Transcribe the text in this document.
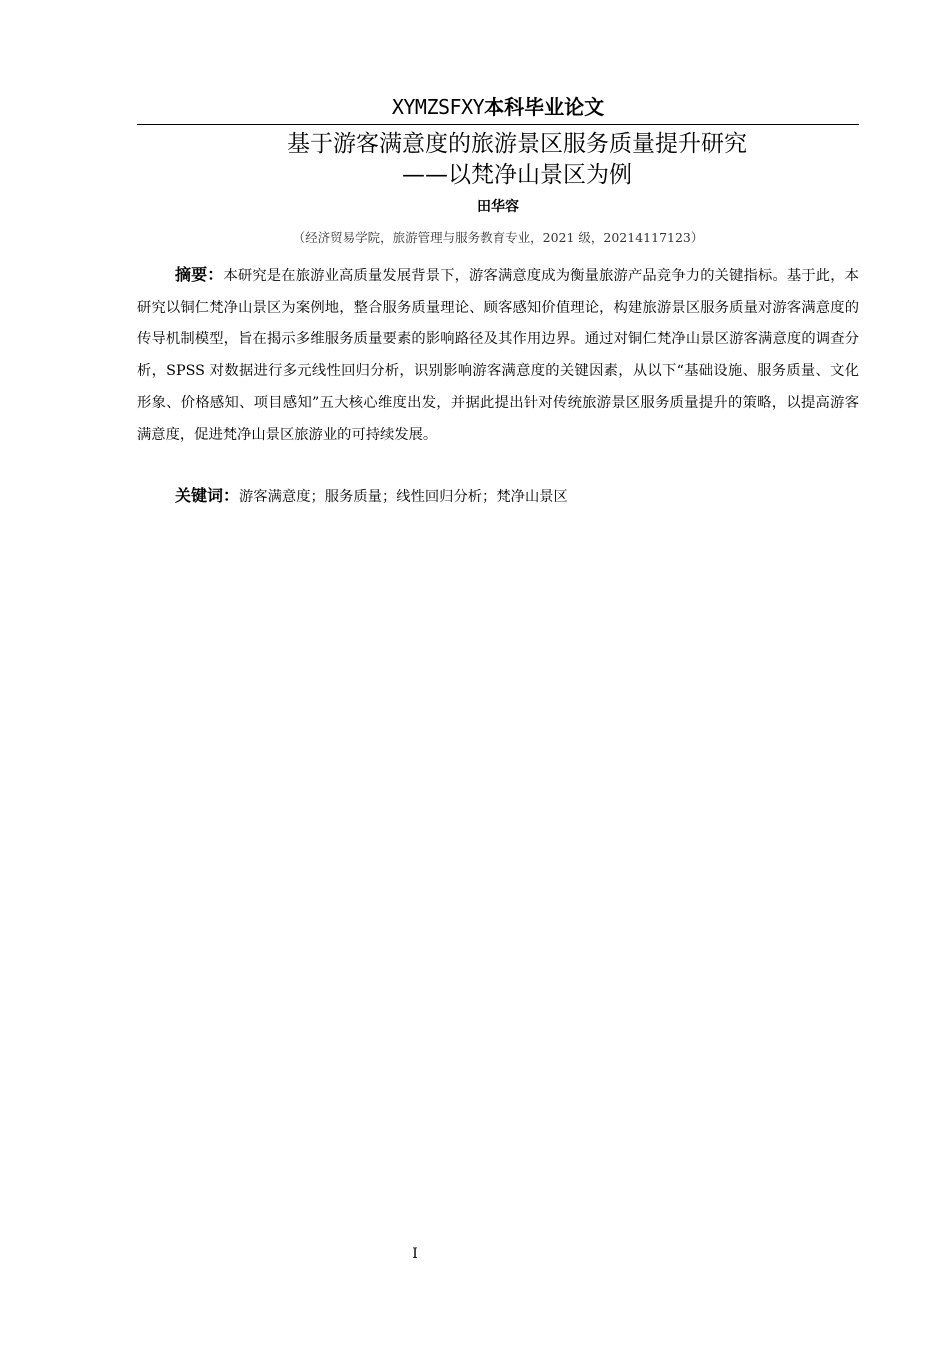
XYMZSFXY本科毕业论文
基于游客满意度的旅游景区服务质量提升研究
——以梵净山景区为例
田华容
（经济贸易学院，旅游管理与服务教育专业，2021 级，20214117123）

摘要：本研究是在旅游业高质量发展背景下，游客满意度成为衡量旅游产品竞争力的关键指标。基于此，本研究以铜仁梵净山景区为案例地，整合服务质量理论、顾客感知价值理论，构建旅游景区服务质量对游客满意度的传导机制模型，旨在揭示多维服务质量要素的影响路径及其作用边界。通过对铜仁梵净山景区游客满意度的调查分析，SPSS 对数据进行多元线性回归分析，识别影响游客满意度的关键因素，从以下“基础设施、服务质量、文化形象、价格感知、项目感知”五大核心维度出发，并据此提出针对传统旅游景区服务质量提升的策略，以提高游客满意度，促进梵净山景区旅游业的可持续发展。

关键词：游客满意度；服务质量；线性回归分析；梵净山景区

I
